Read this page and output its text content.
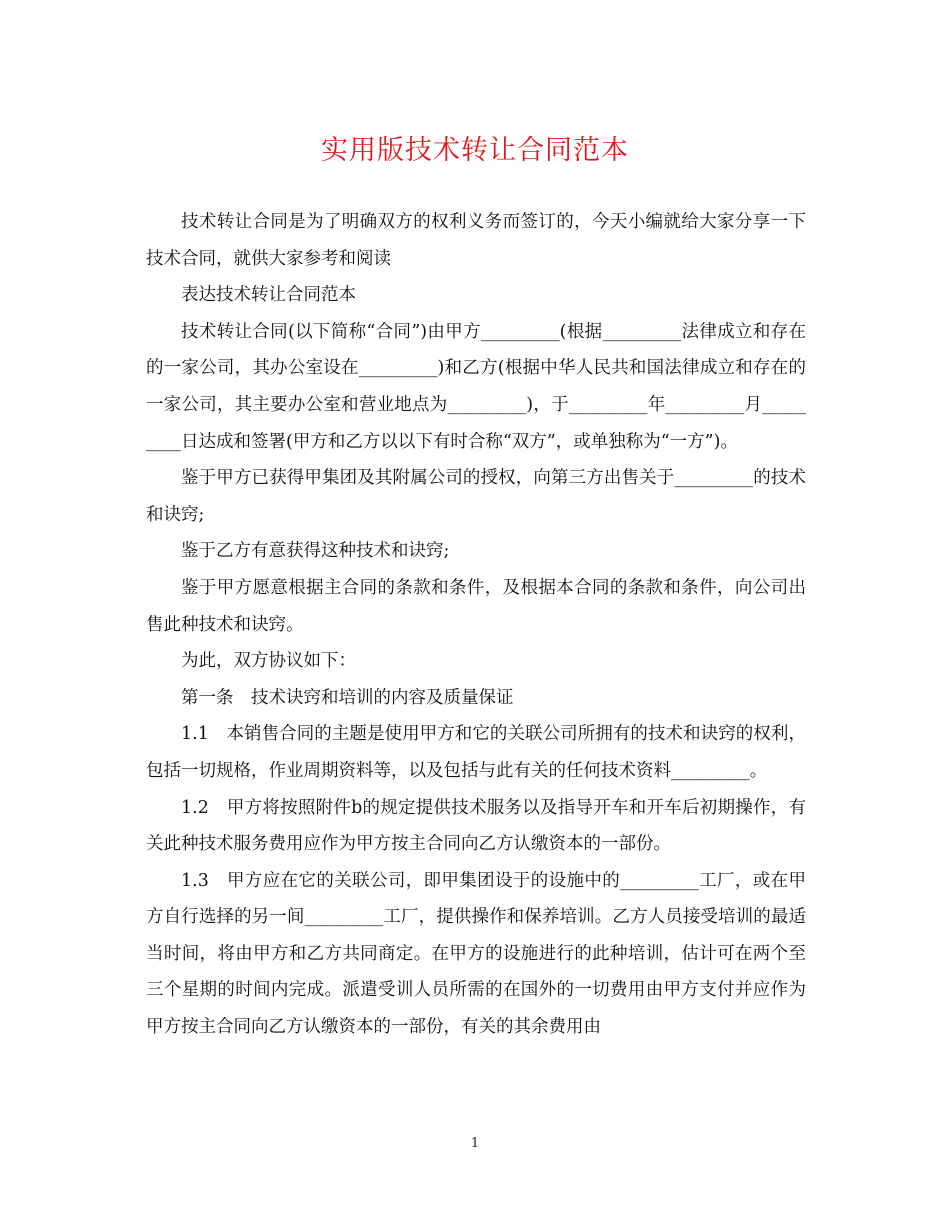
实用版技术转让合同范本

技术转让合同是为了明确双方的权利义务而签订的，今天小编就给大家分享一下技术合同，就供大家参考和阅读

表达技术转让合同范本

技术转让合同(以下简称“合同”)由甲方_________(根据_________法律成立和存在的一家公司，其办公室设在_________)和乙方(根据中华人民共和国法律成立和存在的一家公司，其主要办公室和营业地点为_________)，于_________年_________月_________日达成和签署(甲方和乙方以以下有时合称“双方”，或单独称为“一方”)。

鉴于甲方已获得甲集团及其附属公司的授权，向第三方出售关于_________的技术和诀窍;

鉴于乙方有意获得这种技术和诀窍;

鉴于甲方愿意根据主合同的条款和条件，及根据本合同的条款和条件，向公司出售此种技术和诀窍。

为此，双方协议如下：

第一条　技术诀窍和培训的内容及质量保证

1.1　本销售合同的主题是使用甲方和它的关联公司所拥有的技术和诀窍的权利，包括一切规格，作业周期资料等，以及包括与此有关的任何技术资料_________。

1.2　甲方将按照附件b的规定提供技术服务以及指导开车和开车后初期操作，有关此种技术服务费用应作为甲方按主合同向乙方认缴资本的一部份。

1.3　甲方应在它的关联公司，即甲集团设于的设施中的_________工厂，或在甲方自行选择的另一间_________工厂，提供操作和保养培训。乙方人员接受培训的最适当时间，将由甲方和乙方共同商定。在甲方的设施进行的此种培训，估计可在两个至三个星期的时间内完成。派遣受训人员所需的在国外的一切费用由甲方支付并应作为甲方按主合同向乙方认缴资本的一部份，有关的其余费用由

1
